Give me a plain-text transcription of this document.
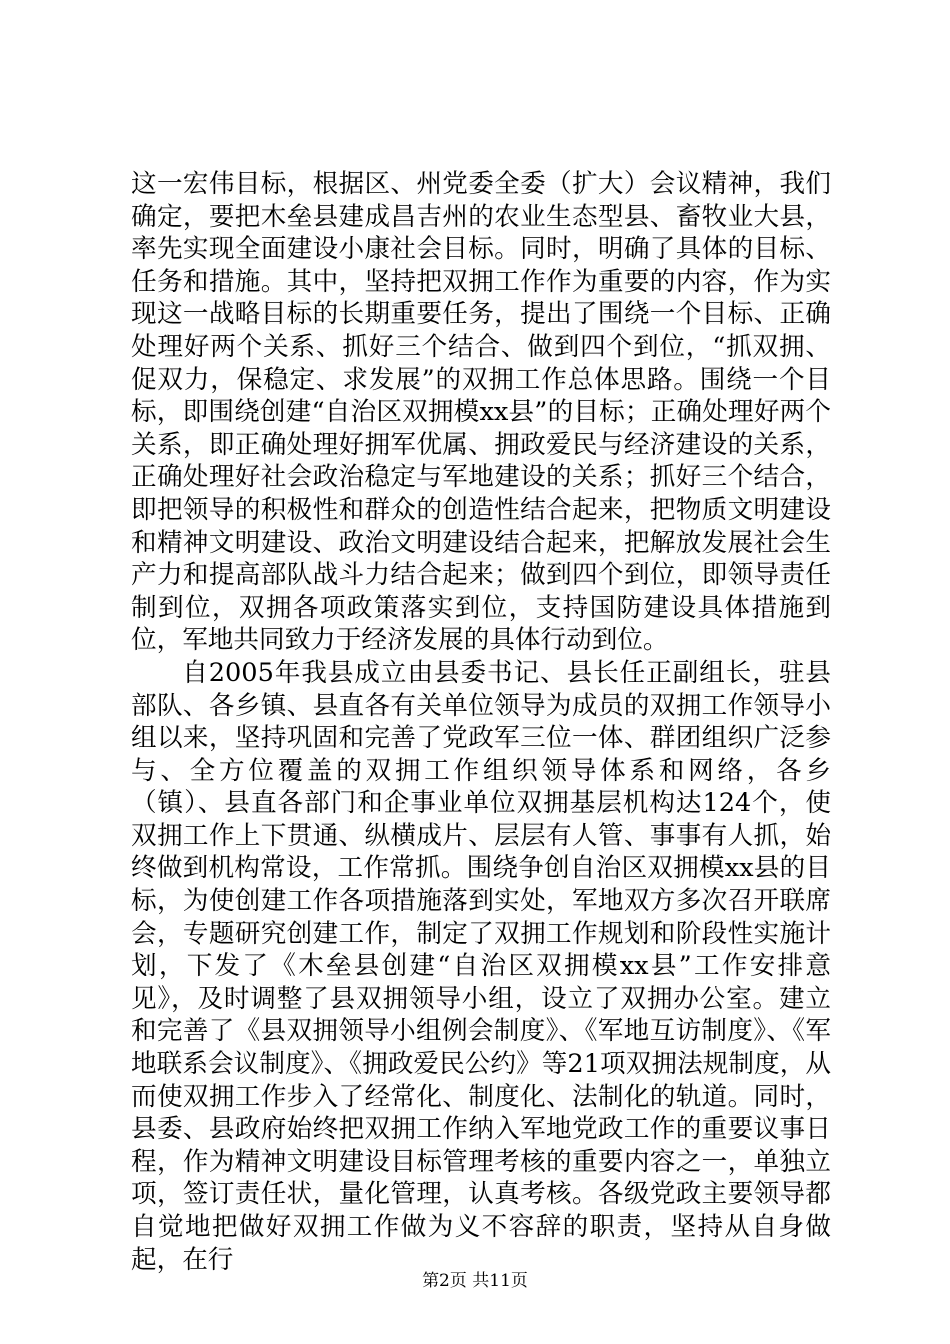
这一宏伟目标，根据区、州党委全委（扩大）会议精神，我们确定，要把木垒县建成昌吉州的农业生态型县、畜牧业大县，率先实现全面建设小康社会目标。同时，明确了具体的目标、任务和措施。其中，坚持把双拥工作作为重要的内容，作为实现这一战略目标的长期重要任务，提出了围绕一个目标、正确处理好两个关系、抓好三个结合、做到四个到位，“抓双拥、促双力，保稳定、求发展”的双拥工作总体思路。围绕一个目标，即围绕创建“自治区双拥模xx县”的目标；正确处理好两个关系，即正确处理好拥军优属、拥政爱民与经济建设的关系，正确处理好社会政治稳定与军地建设的关系；抓好三个结合，即把领导的积极性和群众的创造性结合起来，把物质文明建设和精神文明建设、政治文明建设结合起来，把解放发展社会生产力和提高部队战斗力结合起来；做到四个到位，即领导责任制到位，双拥各项政策落实到位，支持国防建设具体措施到位，军地共同致力于经济发展的具体行动到位。

自2005年我县成立由县委书记、县长任正副组长，驻县部队、各乡镇、县直各有关单位领导为成员的双拥工作领导小组以来，坚持巩固和完善了党政军三位一体、群团组织广泛参与、全方位覆盖的双拥工作组织领导体系和网络，各乡（镇）、县直各部门和企事业单位双拥基层机构达124个，使双拥工作上下贯通、纵横成片、层层有人管、事事有人抓，始终做到机构常设，工作常抓。围绕争创自治区双拥模xx县的目标，为使创建工作各项措施落到实处，军地双方多次召开联席会，专题研究创建工作，制定了双拥工作规划和阶段性实施计划，下发了《木垒县创建“自治区双拥模xx县”工作安排意见》，及时调整了县双拥领导小组，设立了双拥办公室。建立和完善了《县双拥领导小组例会制度》、《军地互访制度》、《军地联系会议制度》、《拥政爱民公约》等21项双拥法规制度，从而使双拥工作步入了经常化、制度化、法制化的轨道。同时，县委、县政府始终把双拥工作纳入军地党政工作的重要议事日程，作为精神文明建设目标管理考核的重要内容之一，单独立项，签订责任状，量化管理，认真考核。各级党政主要领导都自觉地把做好双拥工作做为义不容辞的职责，坚持从自身做起，在行

第2页 共11页
